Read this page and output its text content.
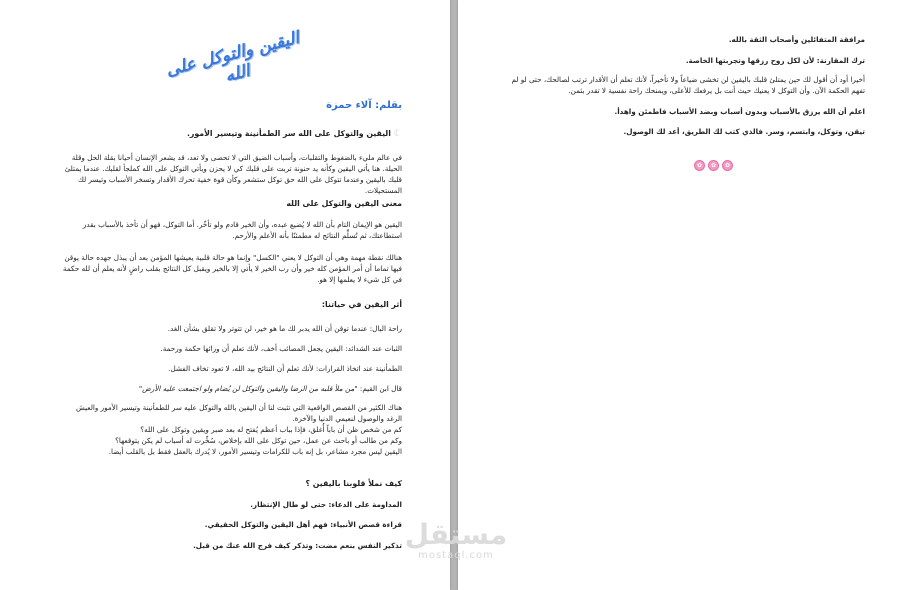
اليقين والتوكل على الله
بقلم: آلاء حمزة

☾اليقين والتوكل على الله سر الطمأنينة وتيسير الأمور.

في عالم مليء بالضغوط والتقلبات، وأسباب الضيق التي لا تحصى ولا تعد، قد يشعر الإنسان أحيانا بقلة الحل وقلة الحيلة. هنا يأتي اليقين وكأنه يد حنونة تربت على قلبك كي لا يحزن ويأتي التوكل على الله كملجأ لقلبك. عندما يمتلئ قلبك باليقين وعندما تتوكل على الله حق توكل ستشعر وكأن قوة خفية تحرك الأقدار وتسخر الأسباب وتيسر لك المستحيلات.

معنى اليقين والتوكل على الله

اليقين هو الإيمان التام بأن الله لا يُضيع عبده، وأن الخير قادم ولو تأخّر. أما التوكل، فهو أن تأخذ بالأسباب بقدر استطاعتك، ثم تُسلِّم النتائج له مطمئنًا بأنه الأعلم والأرحم.

هنالك نقطة مهمة وهي أن التوكل لا يعني "الكسل" وإنما هو حالة قلبية يعيشها المؤمن بعد أن يبذل جهده حالة يوقن فيها تماما أن أمر المؤمن كله خير وأن رب الخير لا يأتي إلا بالخير ويقبل كل النتائج بقلب راضٍ لأنه يعلم أن لله حكمة في كل شيء لا يعلمها إلا هو.

أثر اليقين في حياتنا:

راحة البال: عندما توقن أن الله يدبر لك ما هو خير، لن تتوتر ولا تقلق بشأن الغد.

الثبات عند الشدائد: اليقين يجعل المصائب أخف، لأنك تعلم أن ورائها حكمة ورحمة.

الطمأنينة عند اتخاذ القرارات: لأنك تعلم أن النتائج بيد الله، لا تعود تخاف الفشل.

قال ابن القيم: "من ملأ قلبه من الرضا واليقين والتوكل لن يُضام ولو اجتمعت عليه الأرض"

هناك الكثير من القصص الواقعية التي تثبت لنا أن اليقين بالله والتوكل عليه سر للطمأنينة وتيسير الأمور والعيش الرغد والوصول لنعيمي الدنيا والآخرة.

كم من شخص ظن أن باباً أُغلق، فإذا بباب أعظم يُفتح له بعد صبر ويقين وتوكل على الله؟

وكم من طالب أو باحث عن عمل، حين توكل على الله بإخلاص، سُخِّرت له أسباب لم يكن يتوقعها؟

اليقين ليس مجرد مشاعر، بل إنه باب للكرامات وتيسير الأمور، لا يُدرك بالعقل فقط بل بالقلب أيضا.

كيف نملأ قلوبنا باليقين ؟

المداومة على الدعاء: حتى لو طال الإنتظار.

قراءة قصص الأنبياء: فهم أهل اليقين والتوكل الحقيقي.

تذكير النفس بنعم مضت: وتذكر كيف فرج الله عنك من قبل.

مرافقة المتفائلين وأصحاب الثقة بالله.

ترك المقارنة: لأن لكل روح رزقها وتجربتها الخاصة.

أخيرا أود أن أقول لك حين يمتلئ قلبك باليقين لن تخشى ضياعاً ولا تأخيراً، لأنك تعلم أن الأقدار ترتب لصالحك، حتى لو لم تفهم الحكمة الآن. وأن التوكل لا يعنيك حيث أنت بل يرفعك للأعلى، ويمنحك راحة نفسية لا تقدر بثمن.

اعلم أن الله يرزق بالأسباب وبدون أسباب وبضد الأسباب فاطمئن واهدأ.

تيقن، وتوكل، وابتسم، وسر. فالذي كتب لك الطريق، أعد لك الوصول.

✿ ✿ ✿
مستقل
mostaql.com
